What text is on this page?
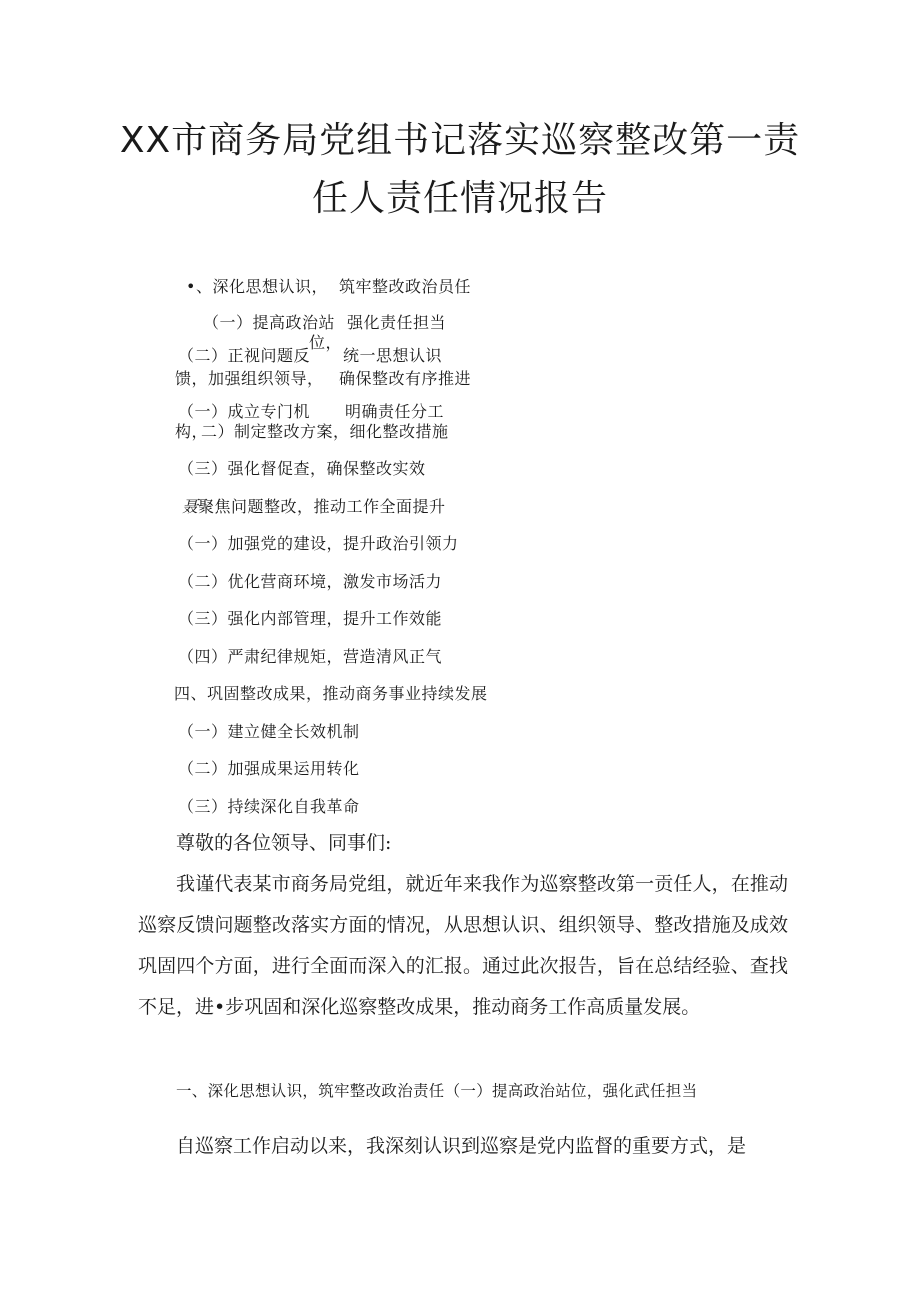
XX市商务局党组书记落实巡察整改第一责
任人责任情况报告
•、深化思想认识， 筑牢整改政治员任
（一）提高政治站 强化责任担当
位，
（二）正视问题反 统一思想认识
馈，加强组织领导， 确保整改有序推进
（一）成立专门机 明确责任分工
构，
二）制定整改方案，细化整改措施
（三）强化督促查，确保整改实效
聂 聚焦问题整改，推动工作全面提升
（一）加强党的建设，提升政治引领力
（二）优化营商环境，激发市场活力
（三）强化内部管理，提升工作效能
（四）严肃纪律规矩，营造清风正气
四、巩固整改成果，推动商务事业持续发展
（一）建立健全长效机制
（二）加强成果运用转化
（三）持续深化自我革命

尊敬的各位领导、同事们:

我谨代表某市商务局党组，就近年来我作为巡察整改第一贡任人，在推动巡察反馈问题整改落实方面的情况，从思想认识、组织领导、整改措施及成效巩固四个方面，进行全面而深入的汇报。通过此次报告，旨在总结经验、查找不足，进•步巩固和深化巡察整改成果，推动商务工作高质量发展。

一、深化思想认识，筑牢整改政治责任（一）提高政治站位，强化武任担当

自巡察工作启动以来，我深刻认识到巡察是党内监督的重要方式，是
